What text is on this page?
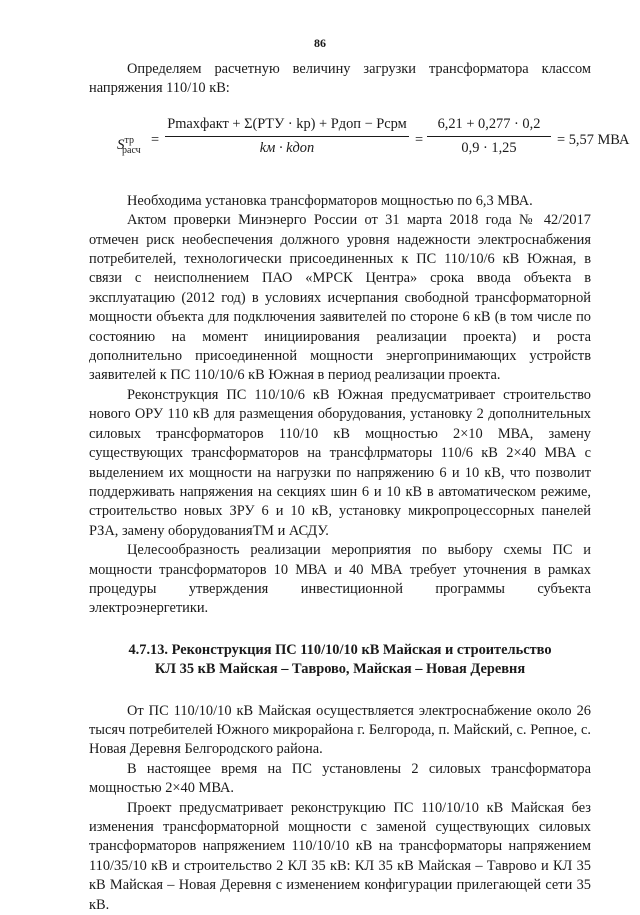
86

Определяем расчетную величину загрузки трансформатора классом напряжения 110/10 кВ:

$S^{тр}_{расч}$
=
Pmaxфакт + Σ(PТУ · kр) + Pдоп − Pсрм
kм · kдоп
=
6,21 + 0,277 · 0,2
0,9 · 1,25
= 5,57 МВА

Необходима установка трансформаторов мощностью по 6,3 МВА.

Актом проверки Минэнерго России от 31 марта 2018 года № 42/2017 отмечен риск необеспечения должного уровня надежности электроснабжения потребителей, технологически присоединенных к ПС 110/10/6 кВ Южная, в связи с неисполнением ПАО «МРСК Центра» срока ввода объекта в эксплуатацию (2012 год) в условиях исчерпания свободной трансформаторной мощности объекта для подключения заявителей по стороне 6 кВ (в том числе по состоянию на момент инициирования реализации проекта) и роста дополнительно присоединенной мощности энергопринимающих устройств заявителей к ПС 110/10/6 кВ Южная в период реализации проекта.

Реконструкция ПС 110/10/6 кВ Южная предусматривает строительство нового ОРУ 110 кВ для размещения оборудования, установку 2 дополнительных силовых трансформаторов 110/10 кВ мощностью 2×10 МВА, замену существующих трансформаторов на трансфлрматоры 110/6 кВ 2×40 МВА с выделением их мощности на нагрузки по напряжению 6 и 10 кВ, что позволит поддерживать напряжения на секциях шин 6 и 10 кВ в автоматическом режиме, строительство новых ЗРУ 6 и 10 кВ, установку микропроцессорных панелей РЗА, замену оборудованияТМ и АСДУ.

Целесообразность реализации мероприятия по выбору схемы ПС и мощности трансформаторов 10 МВА и 40 МВА требует уточнения в рамках процедуры утверждения инвестиционной программы субъекта электроэнергетики.

4.7.13. Реконструкция ПС 110/10/10 кВ Майская и строительство
КЛ 35 кВ Майская – Таврово, Майская – Новая Деревня

От ПС 110/10/10 кВ Майская осуществляется электроснабжение около 26 тысяч потребителей Южного микрорайона г. Белгорода, п. Майский, с. Репное, с. Новая Деревня Белгородского района.

В настоящее время на ПС установлены 2 силовых трансформатора мощностью 2×40 МВА.

Проект предусматривает реконструкцию ПС 110/10/10 кВ Майская без изменения трансформаторной мощности с заменой существующих силовых трансформаторов напряжением 110/10/10 кВ на трансформаторы напряжением 110/35/10 кВ и строительство 2 КЛ 35 кВ: КЛ 35 кВ Майская – Таврово и КЛ 35 кВ Майская – Новая Деревня с изменением конфигурации прилегающей сети 35 кВ.
